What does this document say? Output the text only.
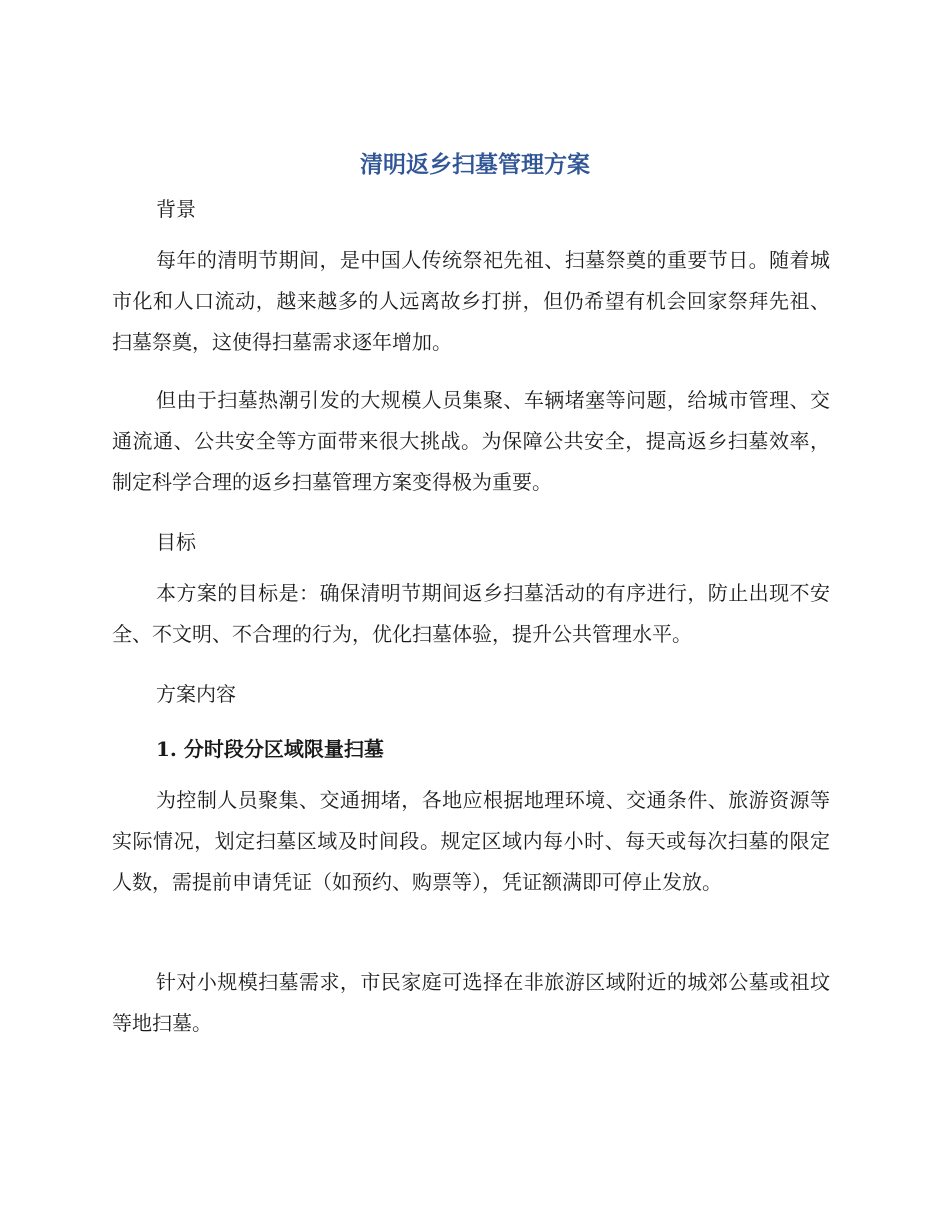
清明返乡扫墓管理方案
背景

每年的清明节期间，是中国人传统祭祀先祖、扫墓祭奠的重要节日。随着城市化和人口流动，越来越多的人远离故乡打拼，但仍希望有机会回家祭拜先祖、扫墓祭奠，这使得扫墓需求逐年增加。

但由于扫墓热潮引发的大规模人员集聚、车辆堵塞等问题，给城市管理、交通流通、公共安全等方面带来很大挑战。为保障公共安全，提高返乡扫墓效率，制定科学合理的返乡扫墓管理方案变得极为重要。

目标

本方案的目标是：确保清明节期间返乡扫墓活动的有序进行，防止出现不安全、不文明、不合理的行为，优化扫墓体验，提升公共管理水平。

方案内容
1. 分时段分区域限量扫墓

为控制人员聚集、交通拥堵，各地应根据地理环境、交通条件、旅游资源等实际情况，划定扫墓区域及时间段。规定区域内每小时、每天或每次扫墓的限定人数，需提前申请凭证（如预约、购票等），凭证额满即可停止发放。

针对小规模扫墓需求，市民家庭可选择在非旅游区域附近的城郊公墓或祖坟等地扫墓。
